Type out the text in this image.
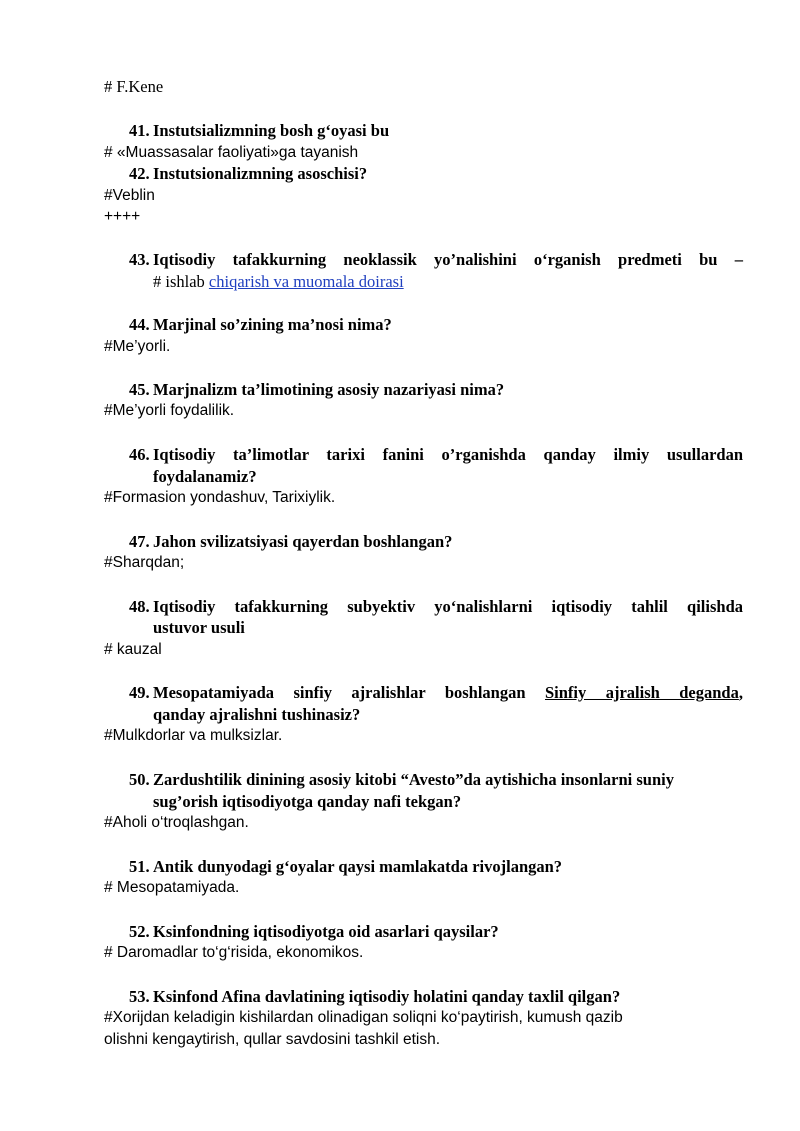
# F.Kene
41. Instutsializmning bosh g‘oyasi bu
# «Muassasalar faoliyati»ga tayanish
42. Instutsionalizmning asoschisi?
#Veblin
++++
43. Iqtisodiy tafakkurning neoklassik yo’nalishini o‘rganish predmeti bu –
# ishlab chiqarish va muomala doirasi
44. Marjinal so’zining ma’nosi nima?
#Me’yorli.
45. Marjnalizm ta’limotining asosiy nazariyasi nima?
#Me’yorli foydalilik.
46. Iqtisodiy ta’limotlar tarixi fanini o’rganishda qanday ilmiy usullardan
foydalanamiz?
#Formasion yondashuv, Tarixiylik.
47. Jahon svilizatsiyasi qayerdan boshlangan?
#Sharqdan;
48. Iqtisodiy tafakkurning subyektiv yo‘nalishlarni iqtisodiy tahlil qilishda
ustuvor usuli
# kauzal
49. Mesopatamiyada sinfiy ajralishlar boshlangan Sinfiy ajralish deganda,
qanday ajralishni tushinasiz?
#Mulkdorlar va mulksizlar.
50. Zardushtilik dinining asosiy kitobi “Avesto”da aytishicha insonlarni suniy
sug’orish iqtisodiyotga qanday nafi tekgan?
#Aholi o‘troqlashgan.
51. Antik dunyodagi g‘oyalar qaysi mamlakatda rivojlangan?
# Mesopatamiyada.
52. Ksinfondning iqtisodiyotga oid asarlari qaysilar?
# Daromadlar to‘g‘risida, ekonomikos.
53. Ksinfond Afina davlatining iqtisodiy holatini qanday taxlil qilgan?
#Xorijdan keladigin kishilardan olinadigan soliqni ko‘paytirish, kumush qazib
olishni kengaytirish, qullar savdosini tashkil etish.
